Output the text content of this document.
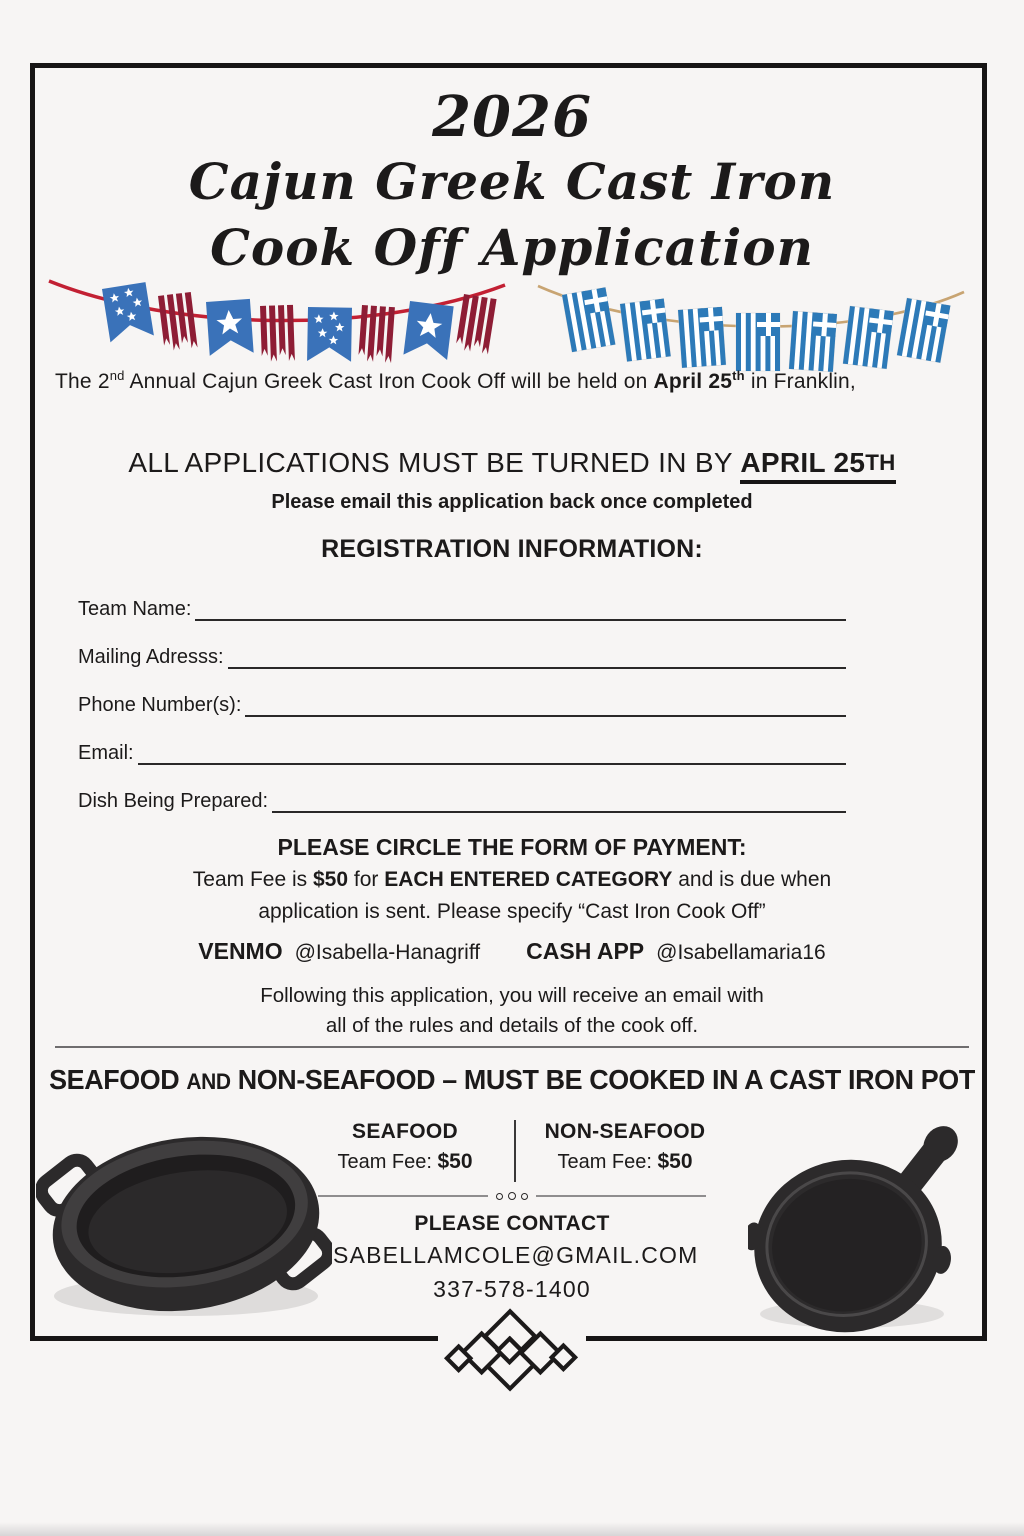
2026
Cajun Greek Cast Iron
Cook Off Application

The 2nd Annual Cajun Greek Cast Iron Cook Off will be held on April 25th in Franklin,

ALL APPLICATIONS MUST BE TURNED IN BY APRIL 25TH
Please email this application back once completed
REGISTRATION INFORMATION:
Team Name:
Mailing Adresss:
Phone Number(s):
Email:
Dish Being Prepared:
PLEASE CIRCLE THE FORM OF PAYMENT:
Team Fee is $50 for EACH ENTERED CATEGORY and is due when
application is sent. Please specify “Cast Iron Cook Off”
VENMO @Isabella-Hanagriff CASH APP @Isabellamaria16
Following this application, you will receive an email with
all of the rules and details of the cook off.
SEAFOOD AND NON-SEAFOOD – MUST BE COOKED IN A CAST IRON POT
SEAFOOD
Team Fee: $50
NON-SEAFOOD
Team Fee: $50
PLEASE CONTACT
ISABELLAMCOLE@GMAIL.COM
337-578-1400
